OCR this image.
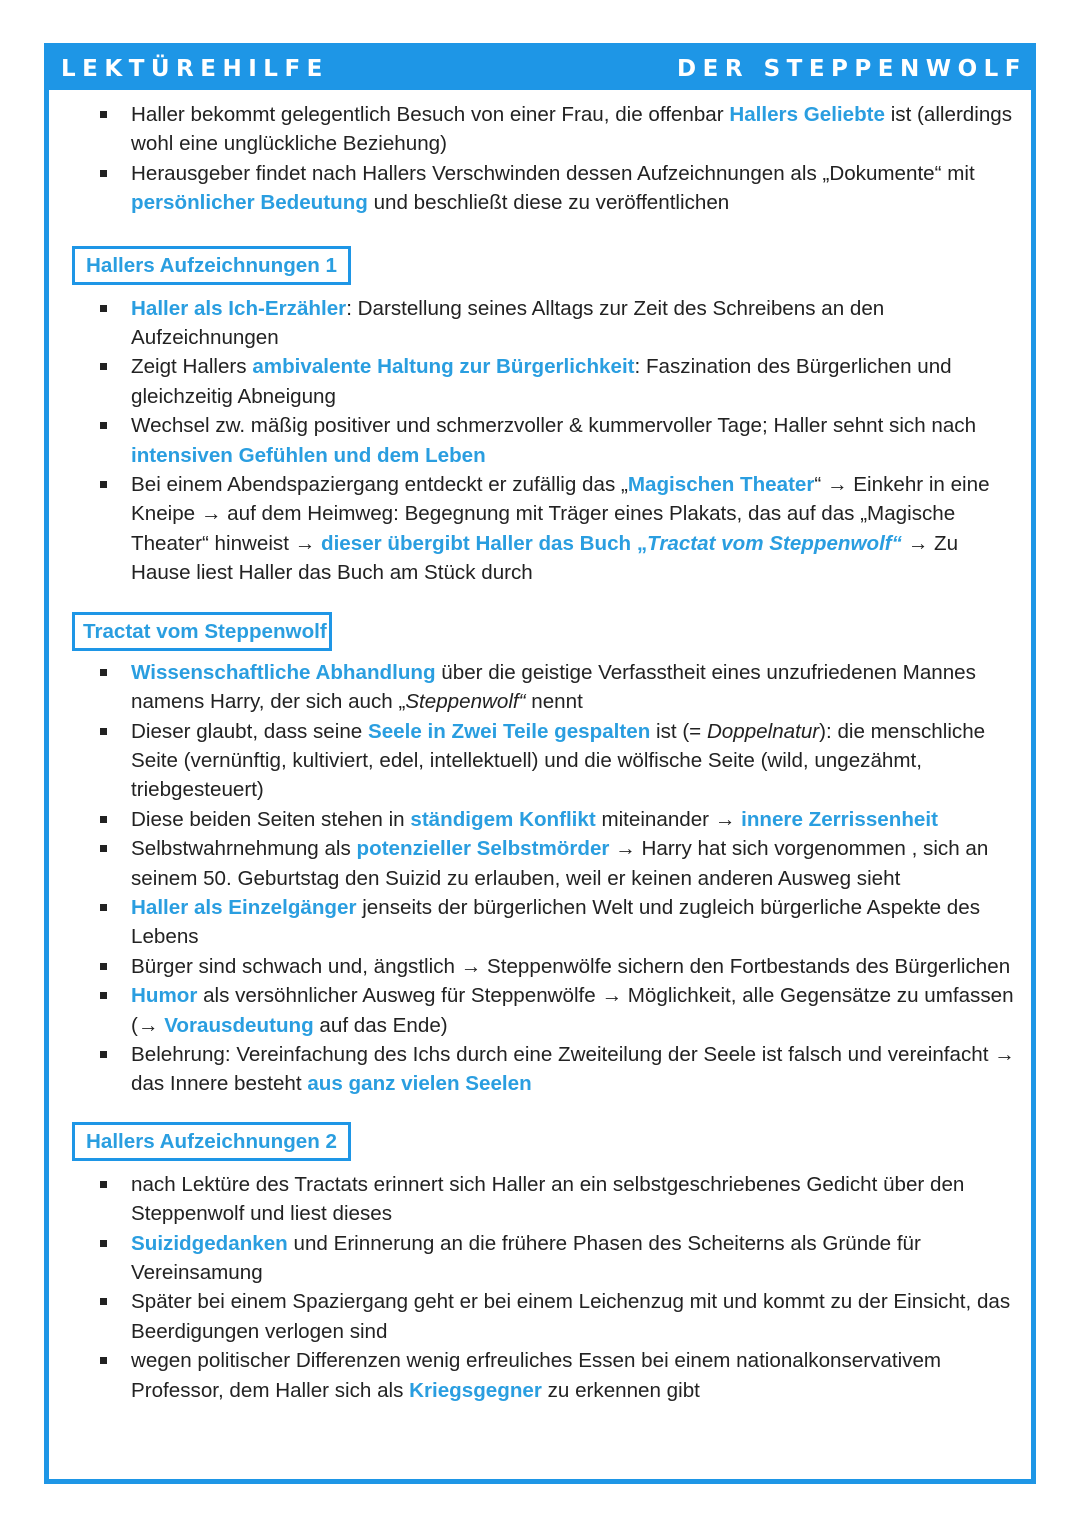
LEKTÜREHILFE	DER STEPPENWOLF
Haller bekommt gelegentlich Besuch von einer Frau, die offenbar Hallers Geliebte ist (allerdings wohl eine unglückliche Beziehung)
Herausgeber findet nach Hallers Verschwinden dessen Aufzeichnungen als „Dokumente“ mit persönlicher Bedeutung und beschließt diese zu veröffentlichen
Hallers Aufzeichnungen 1
Haller als Ich-Erzähler: Darstellung seines Alltags zur Zeit des Schreibens an den Aufzeichnungen
Zeigt Hallers ambivalente Haltung zur Bürgerlichkeit: Faszination des Bürgerlichen und gleichzeitig Abneigung
Wechsel zw. mäßig positiver und schmerzvoller & kummervoller Tage; Haller sehnt sich nach intensiven Gefühlen und dem Leben
Bei einem Abendspaziergang entdeckt er zufällig das „Magischen Theater“ → Einkehr in eine Kneipe → auf dem Heimweg: Begegnung mit Träger eines Plakats, das auf das „Magische Theater“ hinweist → dieser übergibt Haller das Buch „Tractat vom Steppenwolf“ → Zu Hause liest Haller das Buch am Stück durch
Tractat vom Steppenwolf
Wissenschaftliche Abhandlung über die geistige Verfasstheit eines unzufriedenen Mannes namens Harry, der sich auch „Steppenwolf“ nennt
Dieser glaubt, dass seine Seele in Zwei Teile gespalten ist (= Doppelnatur): die menschliche Seite (vernünftig, kultiviert, edel, intellektuell) und die wölfische Seite (wild, ungezähmt, triebgesteuert)
Diese beiden Seiten stehen in ständigem Konflikt miteinander → innere Zerrissenheit
Selbstwahrnehmung als potenzieller Selbstmörder → Harry hat sich vorgenommen , sich an seinem 50. Geburtstag den Suizid zu erlauben, weil er keinen anderen Ausweg sieht
Haller als Einzelgänger jenseits der bürgerlichen Welt und zugleich bürgerliche Aspekte des Lebens
Bürger sind schwach und, ängstlich → Steppenwölfe sichern den Fortbestands des Bürgerlichen
Humor als versöhnlicher Ausweg für Steppenwölfe → Möglichkeit, alle Gegensätze zu umfassen (→ Vorausdeutung auf das Ende)
Belehrung: Vereinfachung des Ichs durch eine Zweiteilung der Seele ist falsch und vereinfacht → das Innere besteht aus ganz vielen Seelen
Hallers Aufzeichnungen 2
nach Lektüre des Tractats erinnert sich Haller an ein selbstgeschriebenes Gedicht über den Steppenwolf und liest dieses
Suizidgedanken und Erinnerung an die frühere Phasen des Scheiterns als Gründe für Vereinsamung
Später bei einem Spaziergang geht er bei einem Leichenzug mit und kommt zu der Einsicht, das Beerdigungen verlogen sind
wegen politischer Differenzen wenig erfreuliches Essen bei einem nationalkonservativem Professor, dem Haller sich als Kriegsgegner zu erkennen gibt
